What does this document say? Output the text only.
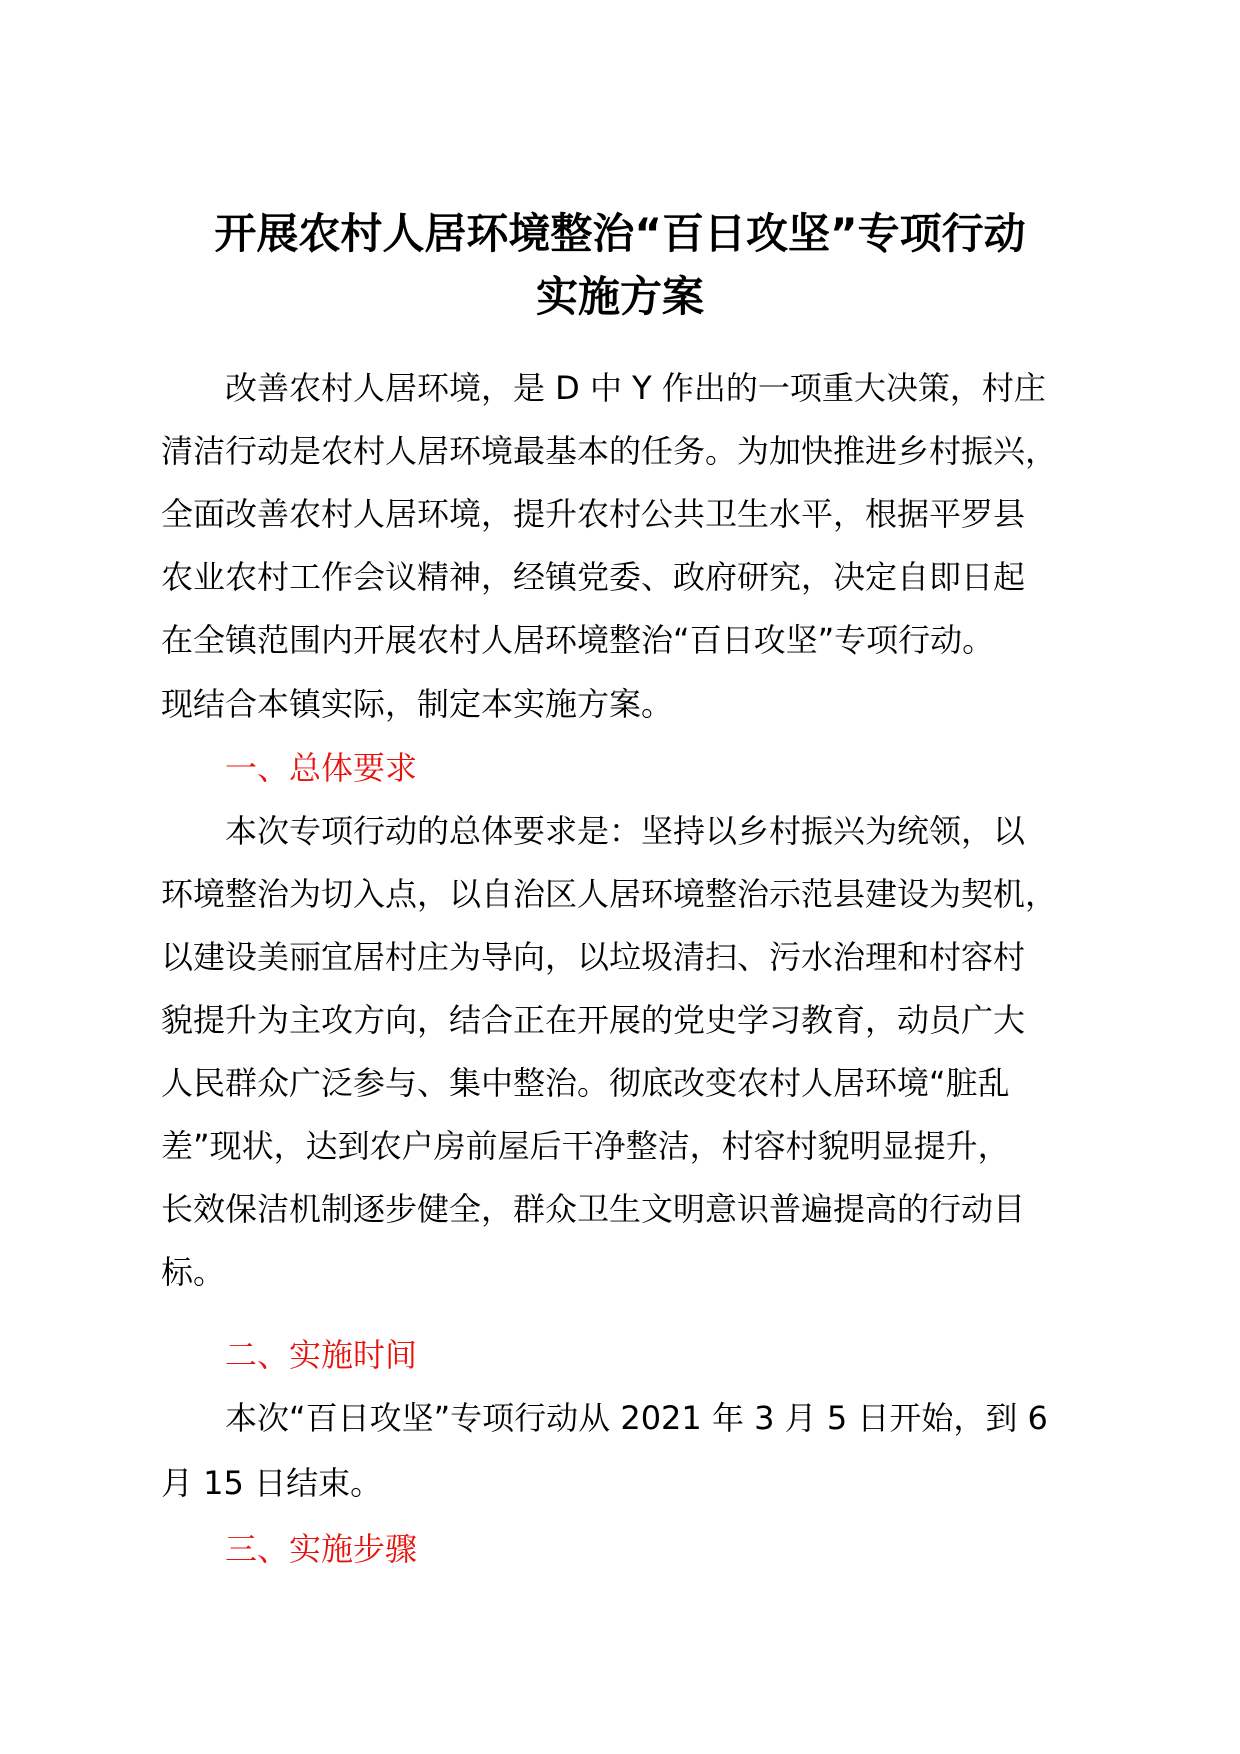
开展农村人居环境整治“百日攻坚”专项行动
实施方案
改善农村人居环境，是 D 中 Y 作出的一项重大决策，村庄
清洁行动是农村人居环境最基本的任务。为加快推进乡村振兴，
全面改善农村人居环境，提升农村公共卫生水平，根据平罗县
农业农村工作会议精神，经镇党委、政府研究，决定自即日起
在全镇范围内开展农村人居环境整治“百日攻坚”专项行动。
现结合本镇实际，制定本实施方案。
一、总体要求
本次专项行动的总体要求是：坚持以乡村振兴为统领，以
环境整治为切入点，以自治区人居环境整治示范县建设为契机，
以建设美丽宜居村庄为导向，以垃圾清扫、污水治理和村容村
貌提升为主攻方向，结合正在开展的党史学习教育，动员广大
人民群众广泛参与、集中整治。彻底改变农村人居环境“脏乱
差”现状，达到农户房前屋后干净整洁，村容村貌明显提升，
长效保洁机制逐步健全，群众卫生文明意识普遍提高的行动目
标。
二、实施时间
本次“百日攻坚”专项行动从 2021 年 3 月 5 日开始，到 6
月 15 日结束。
三、实施步骤
